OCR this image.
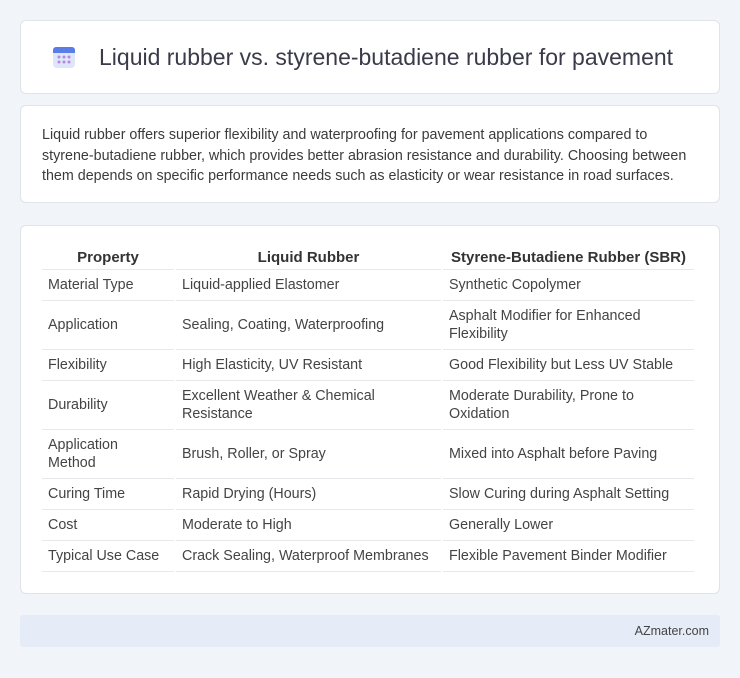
Liquid rubber vs. styrene-butadiene rubber for pavement

Liquid rubber offers superior flexibility and waterproofing for pavement applications compared to styrene-butadiene rubber, which provides better abrasion resistance and durability. Choosing between them depends on specific performance needs such as elasticity or wear resistance in road surfaces.

Property	Liquid Rubber	Styrene-Butadiene Rubber (SBR)
Material Type	Liquid-applied Elastomer	Synthetic Copolymer
Application	Sealing, Coating, Waterproofing	Asphalt Modifier for Enhanced Flexibility
Flexibility	High Elasticity, UV Resistant	Good Flexibility but Less UV Stable
Durability	Excellent Weather & Chemical Resistance	Moderate Durability, Prone to Oxidation
Application Method	Brush, Roller, or Spray	Mixed into Asphalt before Paving
Curing Time	Rapid Drying (Hours)	Slow Curing during Asphalt Setting
Cost	Moderate to High	Generally Lower
Typical Use Case	Crack Sealing, Waterproof Membranes	Flexible Pavement Binder Modifier
AZmater.com
